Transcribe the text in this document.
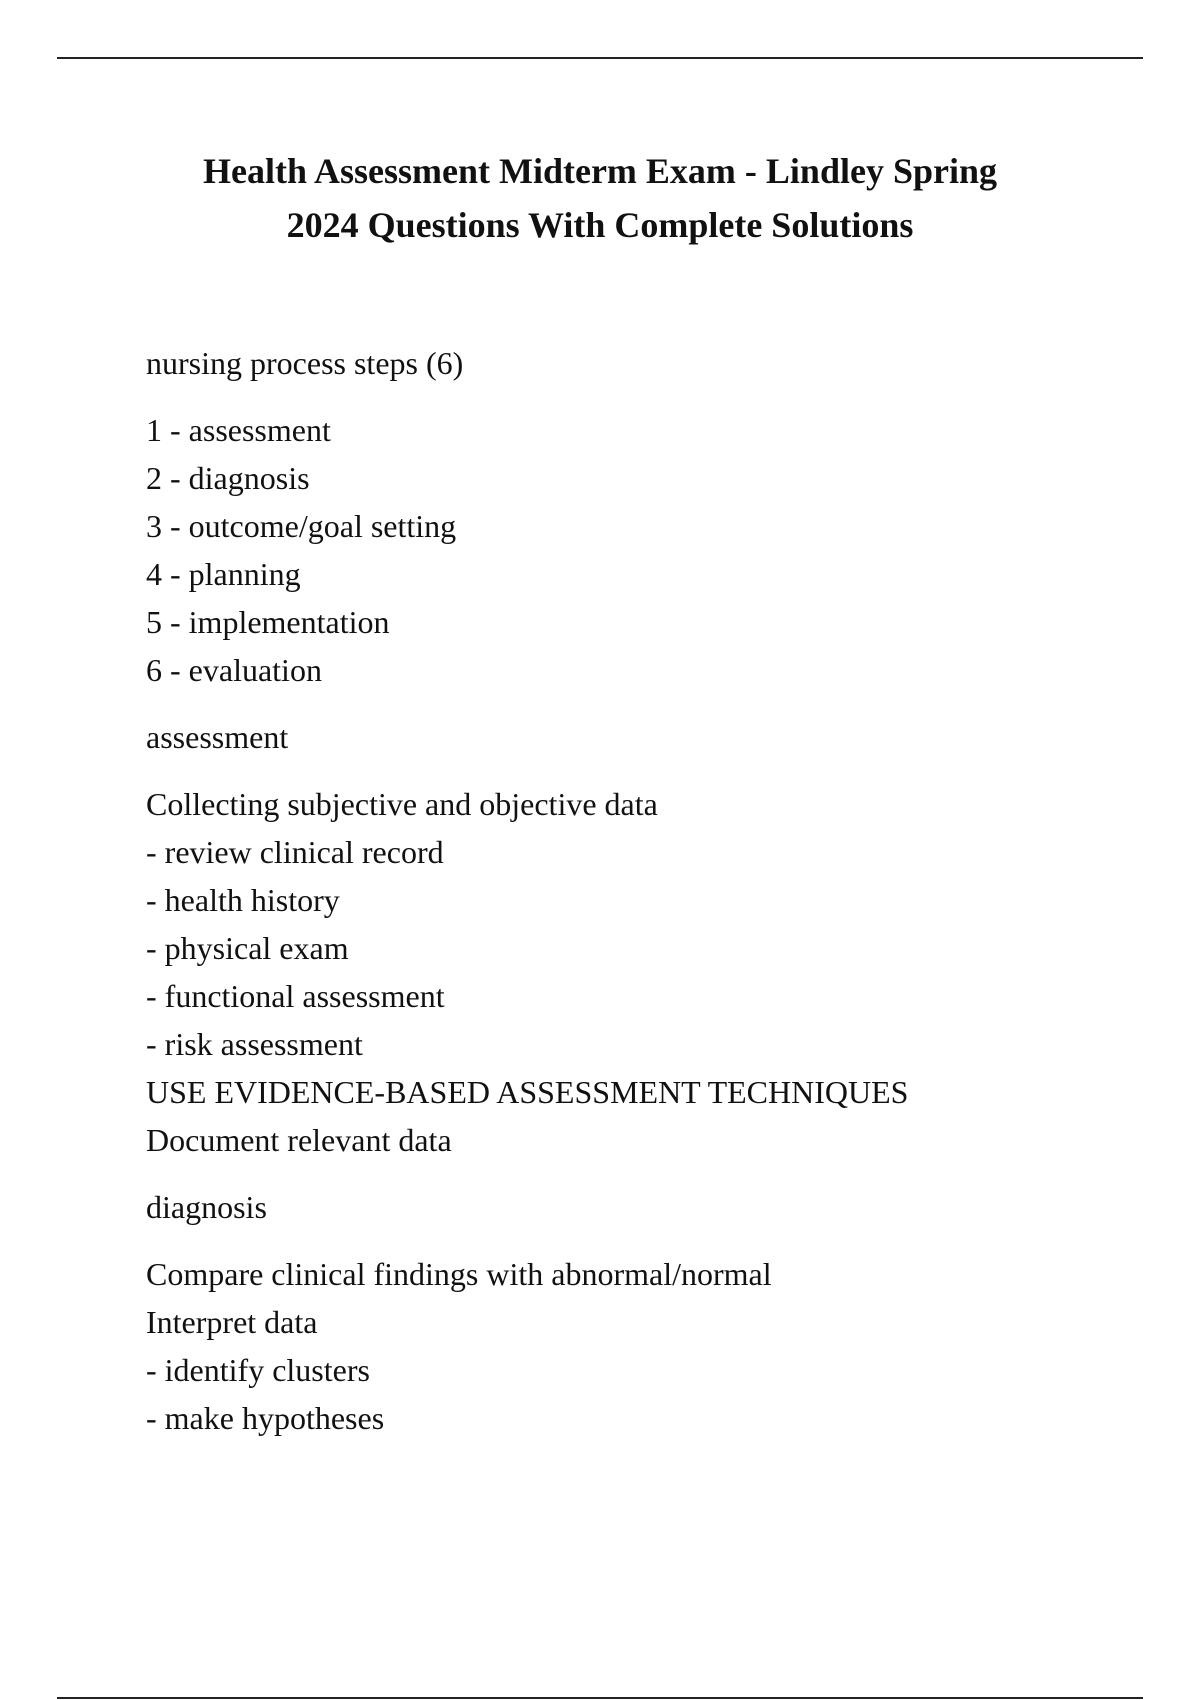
Health Assessment Midterm Exam - Lindley Spring
2024 Questions With Complete Solutions
nursing process steps (6)
1 - assessment
2 - diagnosis
3 - outcome/goal setting
4 - planning
5 - implementation
6 - evaluation
assessment
Collecting subjective and objective data
- review clinical record
- health history
- physical exam
- functional assessment
- risk assessment
USE EVIDENCE-BASED ASSESSMENT TECHNIQUES
Document relevant data
diagnosis
Compare clinical findings with abnormal/normal
Interpret data
- identify clusters
- make hypotheses
